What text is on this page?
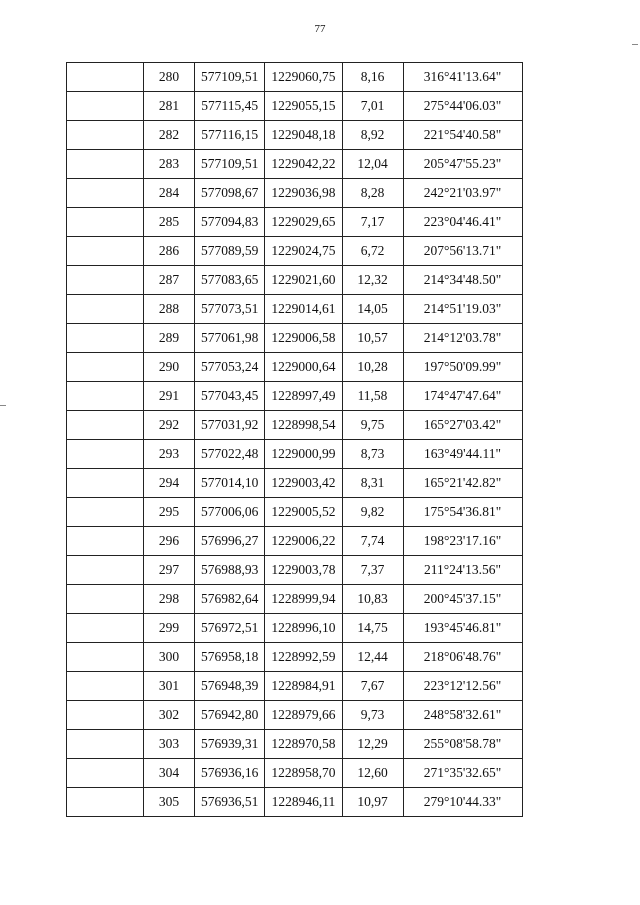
77
	280	577109,51	1229060,75	8,16	316°41'13.64"
	281	577115,45	1229055,15	7,01	275°44'06.03"
	282	577116,15	1229048,18	8,92	221°54'40.58"
	283	577109,51	1229042,22	12,04	205°47'55.23"
	284	577098,67	1229036,98	8,28	242°21'03.97"
	285	577094,83	1229029,65	7,17	223°04'46.41"
	286	577089,59	1229024,75	6,72	207°56'13.71"
	287	577083,65	1229021,60	12,32	214°34'48.50"
	288	577073,51	1229014,61	14,05	214°51'19.03"
	289	577061,98	1229006,58	10,57	214°12'03.78"
	290	577053,24	1229000,64	10,28	197°50'09.99"
	291	577043,45	1228997,49	11,58	174°47'47.64"
	292	577031,92	1228998,54	9,75	165°27'03.42"
	293	577022,48	1229000,99	8,73	163°49'44.11"
	294	577014,10	1229003,42	8,31	165°21'42.82"
	295	577006,06	1229005,52	9,82	175°54'36.81"
	296	576996,27	1229006,22	7,74	198°23'17.16"
	297	576988,93	1229003,78	7,37	211°24'13.56"
	298	576982,64	1228999,94	10,83	200°45'37.15"
	299	576972,51	1228996,10	14,75	193°45'46.81"
	300	576958,18	1228992,59	12,44	218°06'48.76"
	301	576948,39	1228984,91	7,67	223°12'12.56"
	302	576942,80	1228979,66	9,73	248°58'32.61"
	303	576939,31	1228970,58	12,29	255°08'58.78"
	304	576936,16	1228958,70	12,60	271°35'32.65"
	305	576936,51	1228946,11	10,97	279°10'44.33"
